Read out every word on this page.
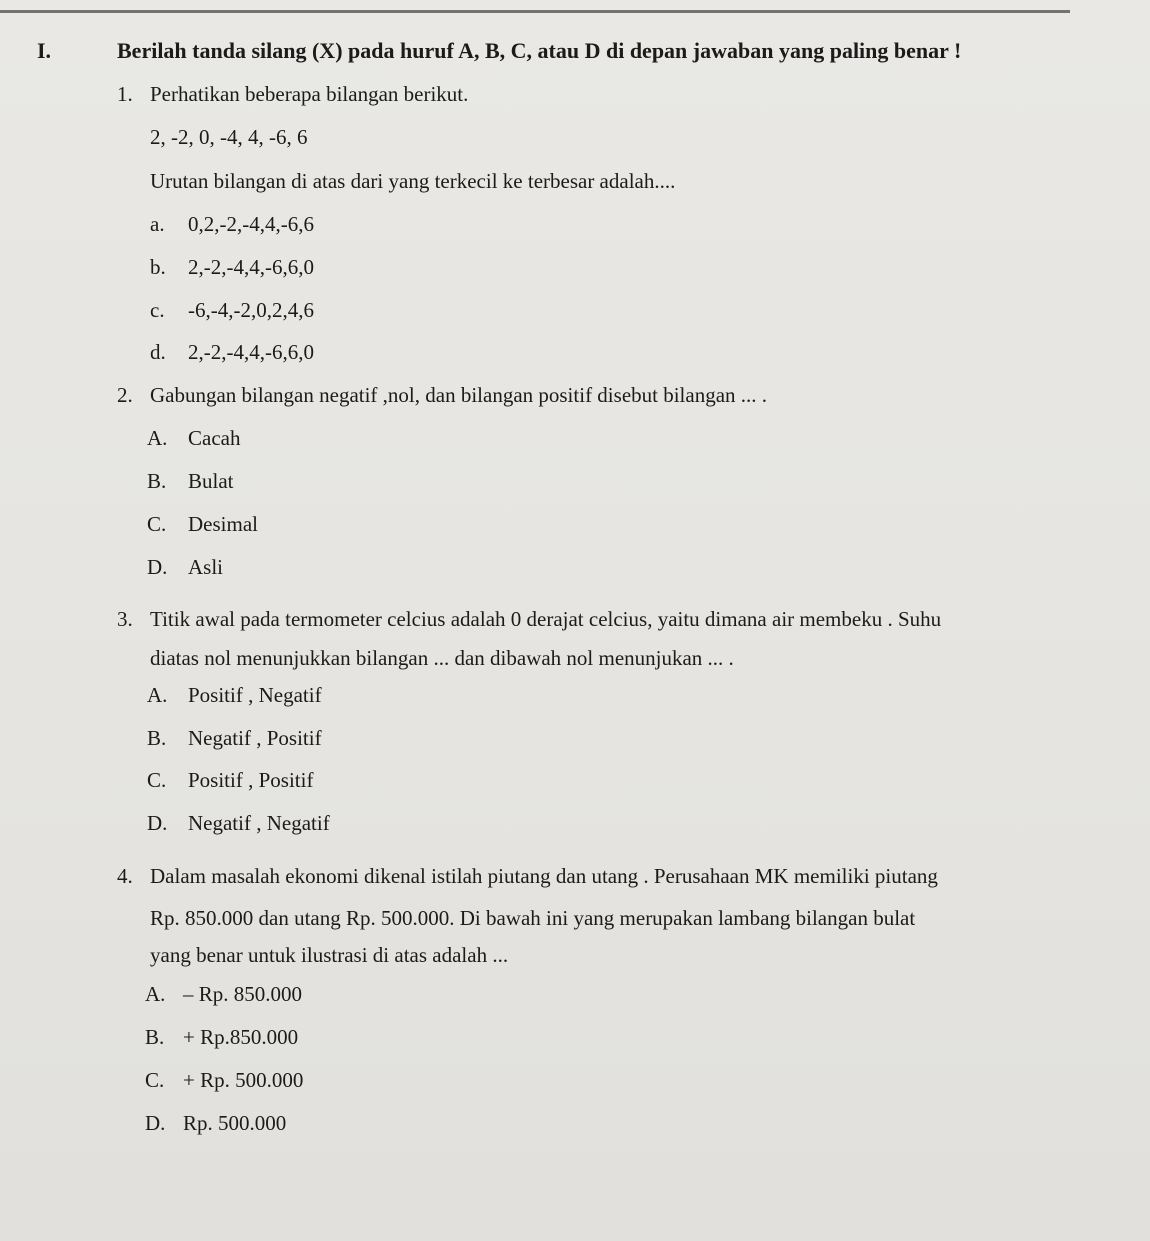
I.	Berilah tanda silang (X) pada huruf A, B, C, atau D di depan jawaban yang paling benar !
1. Perhatikan beberapa bilangan berikut.
2, -2, 0, -4, 4, -6, 6
Urutan bilangan di atas dari yang terkecil ke terbesar adalah....
a. 0,2,-2,-4,4,-6,6
b. 2,-2,-4,4,-6,6,0
c. -6,-4,-2,0,2,4,6
d. 2,-2,-4,4,-6,6,0
2. Gabungan bilangan negatif ,nol, dan bilangan positif disebut bilangan ... .
A. Cacah
B. Bulat
C. Desimal
D. Asli
3. Titik awal pada termometer celcius adalah 0 derajat celcius, yaitu dimana air membeku . Suhu
diatas nol menunjukkan bilangan ... dan dibawah nol menunjukan ... .
A. Positif , Negatif
B. Negatif , Positif
C. Positif , Positif
D. Negatif , Negatif
4. Dalam masalah ekonomi dikenal istilah piutang dan utang . Perusahaan MK memiliki piutang
Rp. 850.000 dan utang Rp. 500.000. Di bawah ini yang merupakan lambang bilangan bulat
yang benar untuk ilustrasi di atas adalah ...
A. – Rp. 850.000
B. + Rp.850.000
C. + Rp. 500.000
D. Rp. 500.000
